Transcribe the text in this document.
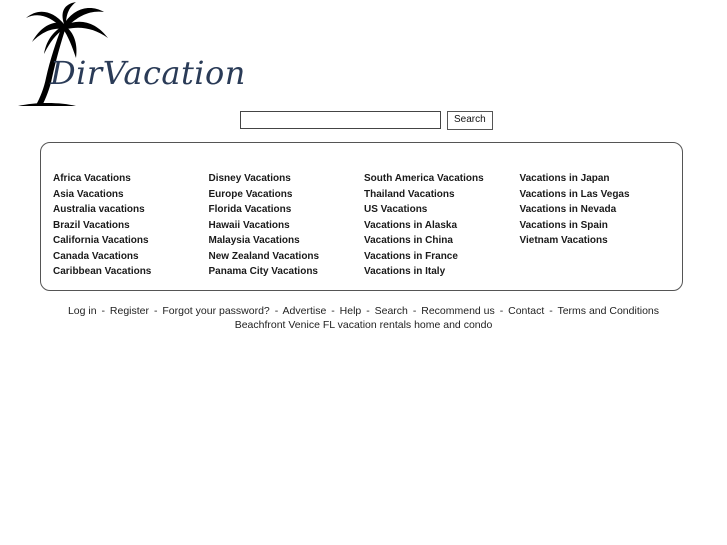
DirVacation
Search
Africa Vacations
Asia Vacations
Australia vacations
Brazil Vacations
California Vacations
Canada Vacations
Caribbean Vacations
Disney Vacations
Europe Vacations
Florida Vacations
Hawaii Vacations
Malaysia Vacations
New Zealand Vacations
Panama City Vacations
South America Vacations
Thailand Vacations
US Vacations
Vacations in Alaska
Vacations in China
Vacations in France
Vacations in Italy
Vacations in Japan
Vacations in Las Vegas
Vacations in Nevada
Vacations in Spain
Vietnam Vacations
Log in - Register - Forgot your password? - Advertise - Help - Search - Recommend us - Contact - Terms and Conditions
Beachfront Venice FL vacation rentals home and condo
